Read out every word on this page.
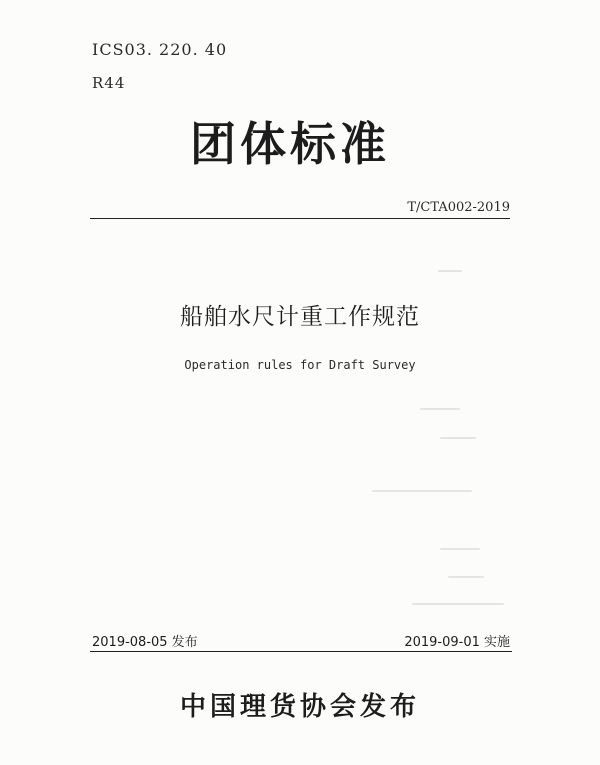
ICS03. 220. 40
R44
团体标准
T/CTA002-2019
船舶水尺计重工作规范
Operation rules for Draft Survey
2019-08-05 发布	2019-09-01 实施
中国理货协会发布
